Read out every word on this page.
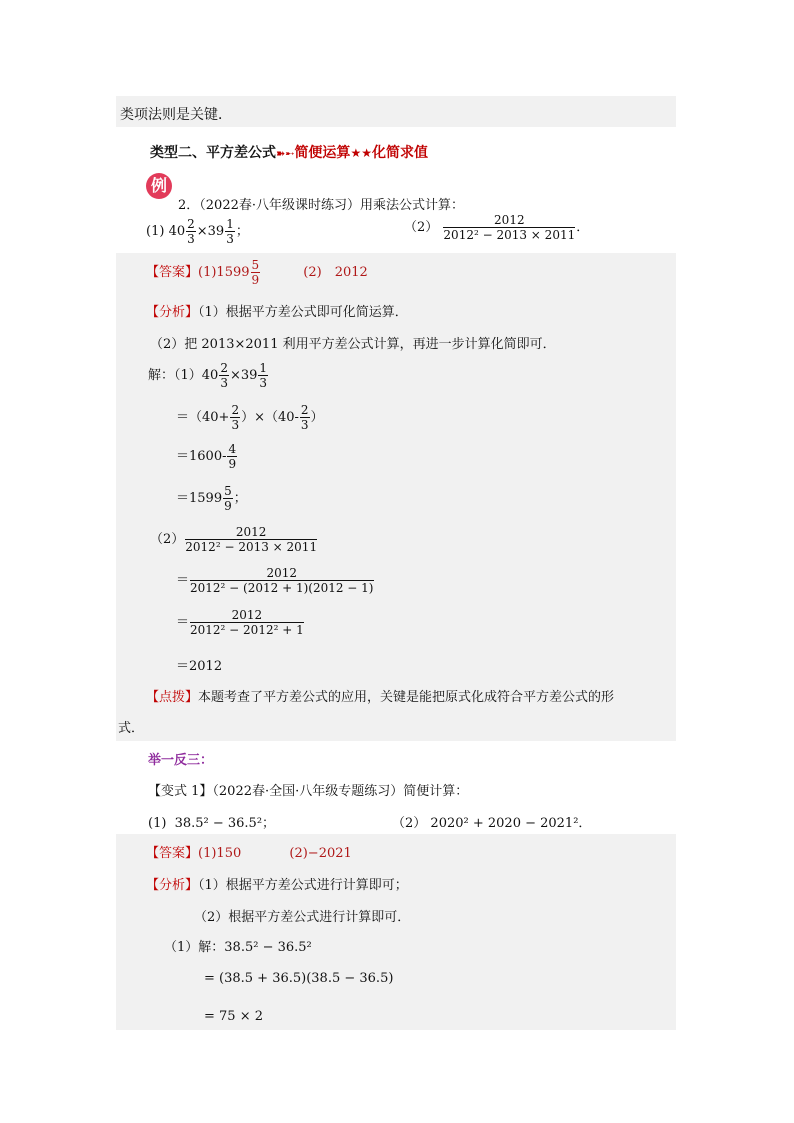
类项法则是关键．
类型二、平方差公式➽➸简便运算★★化简求值
例
2．（2022春·八年级课时练习）用乘法公式计算：
(1) $40 \frac{2}{3} \times 39 \frac{1}{3}$ ；	$(2) \frac{2012}{\text{2012² − 2013 × 2011}}$ ．
【答案】$(1)1599 \frac{5}{9}$	(2)　2012
【分析】（1）根据平方差公式即可化简运算．
（2）把 2013×2011 利用平方差公式计算，再进一步计算化简即可．
解：$(1)40 \frac{2}{3} \times 39 \frac{1}{3}$
$=(40+ \frac{2}{3} )\times(40- \frac{2}{3}$ ）
$=1600- \frac{4}{9}$
$=1599 \frac{5}{9}$ ；
$(2) \frac{2012}{\text{2012² − 2013 × 2011}}$
＝ $\frac{2012}{\text{2012² − (2012 + 1)(2012 − 1)}}$
＝ $\frac{2012}{\text{2012² − 2012² + 1}}$
＝2012
【点拨】本题考查了平方差公式的应用，关键是能把原式化成符合平方差公式的形
式．
举一反三：
【变式 1】（2022春·全国·八年级专题练习）简便计算：
(1) 38.5² − 36.5²；	（2） 2020² + 2020 − 2021²．
【答案】(1)150	(2)−2021
【分析】（1）根据平方差公式进行计算即可；
（2）根据平方差公式进行计算即可．
（1）解：38.5² − 36.5²
= (38.5 + 36.5)(38.5 − 36.5)
= 75 × 2
